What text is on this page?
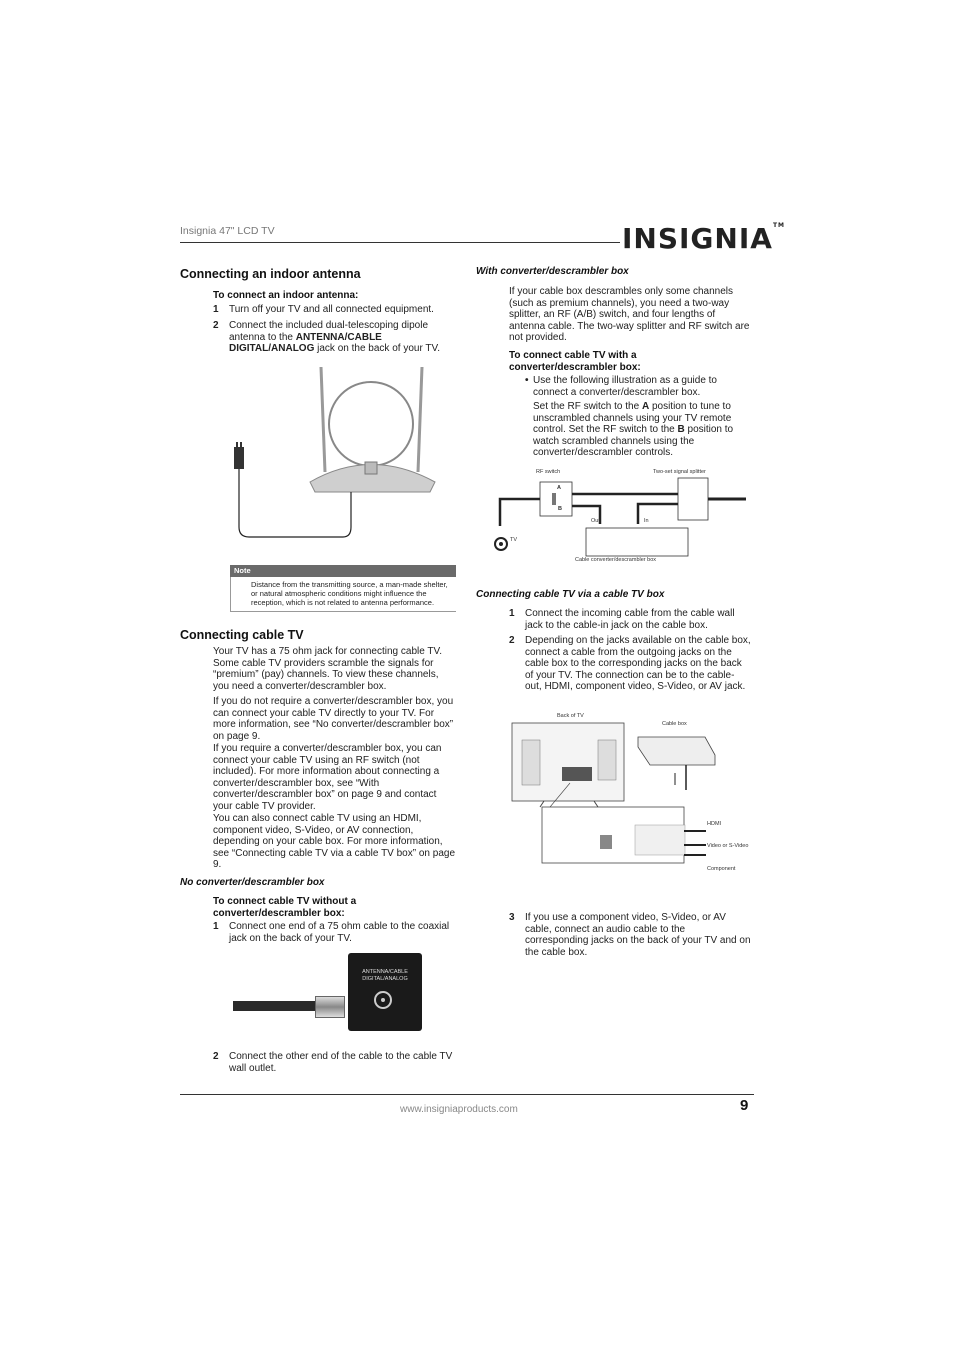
Insignia 47" LCD TV	INSIGNIA™
Connecting an indoor antenna
To connect an indoor antenna:
1 Turn off your TV and all connected equipment.
2 Connect the included dual-telescoping dipole antenna to the ANTENNA/CABLE DIGITAL/ANALOG jack on the back of your TV.
Note
Distance from the transmitting source, a man-made shelter, or natural atmospheric conditions might influence the reception, which is not related to antenna performance.
Connecting cable TV
Your TV has a 75 ohm jack for connecting cable TV. Some cable TV providers scramble the signals for “premium” (pay) channels. To view these channels, you need a converter/descrambler box.
If you do not require a converter/descrambler box, you can connect your cable TV directly to your TV. For more information, see “No converter/descrambler box” on page 9.
If you require a converter/descrambler box, you can connect your cable TV using an RF switch (not included). For more information about connecting a converter/descrambler box, see “With converter/descrambler box” on page 9 and contact your cable TV provider.
You can also connect cable TV using an HDMI, component video, S-Video, or AV connection, depending on your cable box. For more information, see “Connecting cable TV via a cable TV box” on page 9.
No converter/descrambler box
To connect cable TV without a converter/descrambler box:
1 Connect one end of a 75 ohm cable to the coaxial jack on the back of your TV.
ANTENNA/CABLE
DIGITAL/ANALOG
2 Connect the other end of the cable to the cable TV wall outlet.
With converter/descrambler box
If your cable box descrambles only some channels (such as premium channels), you need a two-way splitter, an RF (A/B) switch, and four lengths of antenna cable. The two-way splitter and RF switch are not provided.
To connect cable TV with a converter/descrambler box:
• Use the following illustration as a guide to connect a converter/descrambler box.
Set the RF switch to the A position to tune to unscrambled channels using your TV remote control. Set the RF switch to the B position to watch scrambled channels using the converter/descrambler controls.
RF switch	Two-set signal splitter
A
B
Out	In
TV
Cable converter/descrambler box
Connecting cable TV via a cable TV box
1 Connect the incoming cable from the cable wall jack to the cable-in jack on the cable box.
2 Depending on the jacks available on the cable box, connect a cable from the outgoing jacks on the cable box to the corresponding jacks on the back of your TV. The connection can be to the cable-out, HDMI, component video, S-Video, or AV jack.
Back of TV
Cable box
HDMI
Video or S-Video
Component
3 If you use a component video, S-Video, or AV cable, connect an audio cable to the corresponding jacks on the back of your TV and on the cable box.
www.insigniaproducts.com	9
